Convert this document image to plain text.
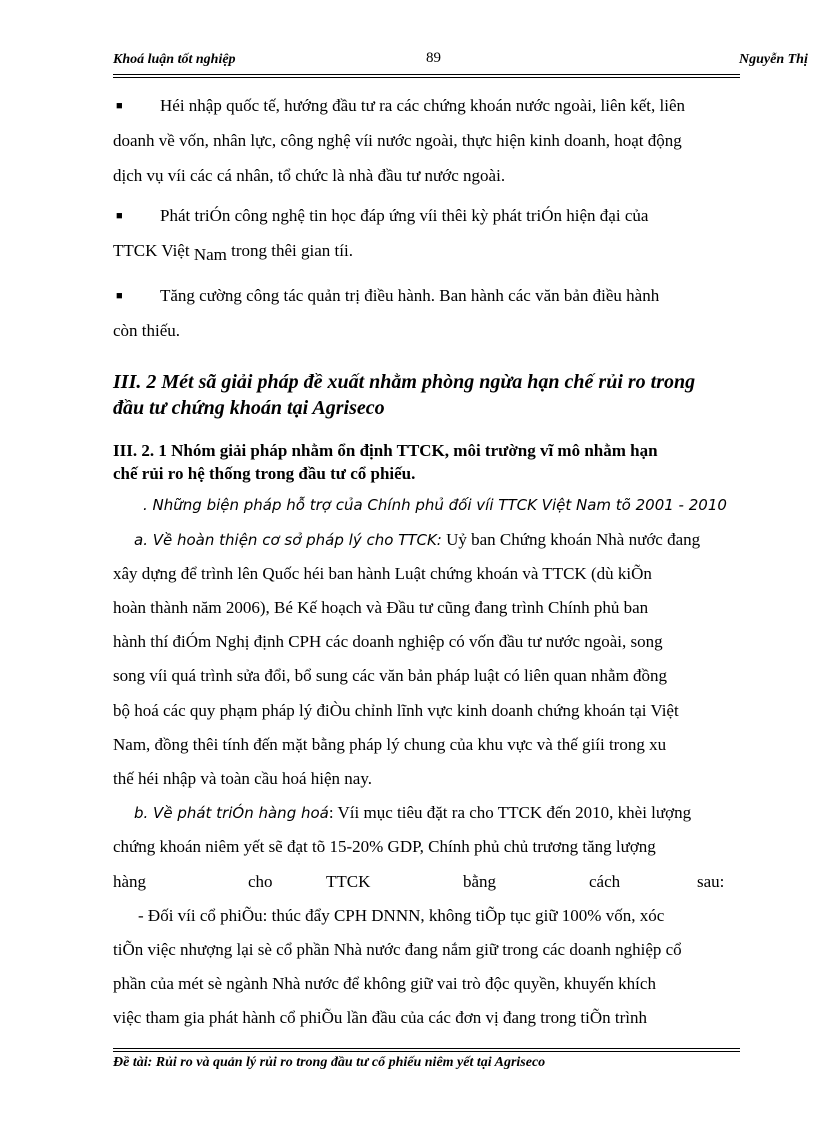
Khoá luận tốt nghiệp	89	Nguyễn Thị
■ Héi nhập quốc tế, hướng đầu tư ra các chứng khoán nước ngoài, liên kết, liên
doanh về vốn, nhân lực, công nghệ víi nước ngoài, thực hiện kinh doanh, hoạt động
dịch vụ víi các cá nhân, tổ chức là nhà đầu tư nước ngoài.
■ Phát triÓn công nghệ tin học đáp ứng víi thêi kỳ phát triÓn hiện đại của
TTCK Việt Nam trong thêi gian tíi.
■ Tăng cường công tác quản trị điều hành. Ban hành các văn bản điều hành
còn thiếu.
III. 2 Mét sã giải pháp đề xuất nhằm phòng ngừa hạn chế rủi ro trong
đầu tư chứng khoán tại Agriseco
III. 2. 1 Nhóm giải pháp nhằm ổn định TTCK, môi trường vĩ mô nhằm hạn
chế rủi ro hệ thống trong đầu tư cổ phiếu.
. Những biện pháp hỗ trợ của Chính phủ đối víi TTCK Việt Nam tõ 2001 - 2010
a. Về hoàn thiện cơ sở pháp lý cho TTCK: Uỷ ban Chứng khoán Nhà nước đang
xây dựng để trình lên Quốc héi ban hành Luật chứng khoán và TTCK (dù kiÕn
hoàn thành năm 2006), Bé Kế hoạch và Đầu tư cũng đang trình Chính phủ ban
hành thí điÓm Nghị định CPH các doanh nghiệp có vốn đầu tư nước ngoài, song
song víi quá trình sửa đổi, bổ sung các văn bản pháp luật có liên quan nhằm đồng
bộ hoá các quy phạm pháp lý điÒu chỉnh lĩnh vực kinh doanh chứng khoán tại Việt
Nam, đồng thêi tính đến mặt bằng pháp lý chung của khu vực và thế giíi trong xu
thế héi nhập và toàn cầu hoá hiện nay.
b. Về phát triÓn hàng hoá: Víi mục tiêu đặt ra cho TTCK đến 2010, khèi lượng
chứng khoán niêm yết sẽ đạt tõ 15-20% GDP, Chính phủ chủ trương tăng lượng
hàng	cho	TTCK	bằng	cách	sau:
- Đối víi cổ phiÕu: thúc đẩy CPH DNNN, không tiÕp tục giữ 100% vốn, xóc
tiÕn việc nhượng lại sè cổ phần Nhà nước đang nắm giữ trong các doanh nghiệp cổ
phần của mét sè ngành Nhà nước để không giữ vai trò độc quyền, khuyến khích
việc tham gia phát hành cổ phiÕu lần đầu của các đơn vị đang trong tiÕn trình
Đề tài: Rủi ro và quản lý rủi ro trong đầu tư cổ phiếu niêm yết tại Agriseco
